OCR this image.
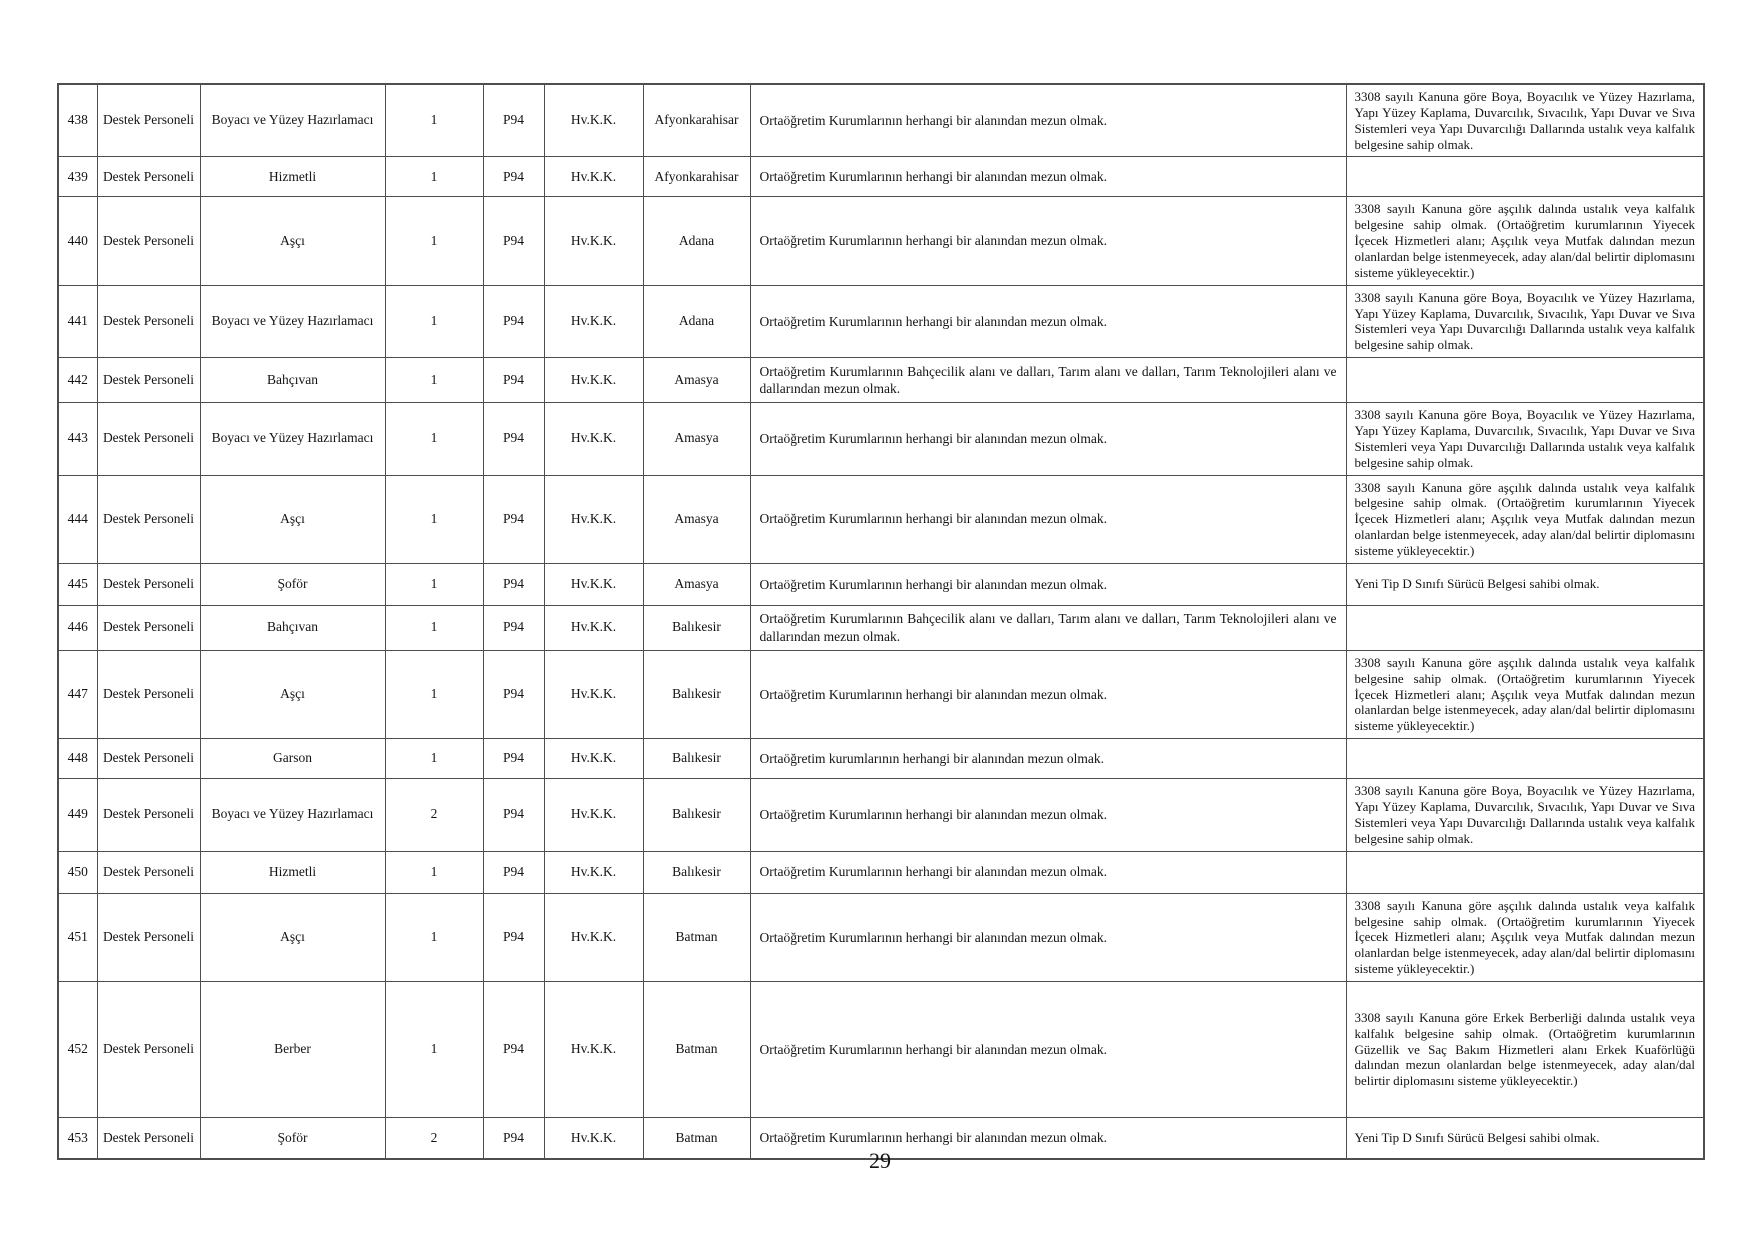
438	Destek Personeli	Boyacı ve Yüzey Hazırlamacı	1	P94	Hv.K.K.	Afyonkarahisar	Ortaöğretim Kurumlarının herhangi bir alanından mezun olmak.	3308 sayılı Kanuna göre Boya, Boyacılık ve Yüzey Hazırlama, Yapı Yüzey Kaplama, Duvarcılık, Sıvacılık, Yapı Duvar ve Sıva Sistemleri veya Yapı Duvarcılığı Dallarında ustalık veya kalfalık belgesine sahip olmak.
439	Destek Personeli	Hizmetli	1	P94	Hv.K.K.	Afyonkarahisar	Ortaöğretim Kurumlarının herhangi bir alanından mezun olmak.	
440	Destek Personeli	Aşçı	1	P94	Hv.K.K.	Adana	Ortaöğretim Kurumlarının herhangi bir alanından mezun olmak.	3308 sayılı Kanuna göre aşçılık dalında ustalık veya kalfalık belgesine sahip olmak. (Ortaöğretim kurumlarının Yiyecek İçecek Hizmetleri alanı; Aşçılık veya Mutfak dalından mezun olanlardan belge istenmeyecek, aday alan/dal belirtir diplomasını sisteme yükleyecektir.)
441	Destek Personeli	Boyacı ve Yüzey Hazırlamacı	1	P94	Hv.K.K.	Adana	Ortaöğretim Kurumlarının herhangi bir alanından mezun olmak.	3308 sayılı Kanuna göre Boya, Boyacılık ve Yüzey Hazırlama, Yapı Yüzey Kaplama, Duvarcılık, Sıvacılık, Yapı Duvar ve Sıva Sistemleri veya Yapı Duvarcılığı Dallarında ustalık veya kalfalık belgesine sahip olmak.
442	Destek Personeli	Bahçıvan	1	P94	Hv.K.K.	Amasya	Ortaöğretim Kurumlarının Bahçecilik alanı ve dalları, Tarım alanı ve dalları, Tarım Teknolojileri alanı ve dallarından mezun olmak.	
443	Destek Personeli	Boyacı ve Yüzey Hazırlamacı	1	P94	Hv.K.K.	Amasya	Ortaöğretim Kurumlarının herhangi bir alanından mezun olmak.	3308 sayılı Kanuna göre Boya, Boyacılık ve Yüzey Hazırlama, Yapı Yüzey Kaplama, Duvarcılık, Sıvacılık, Yapı Duvar ve Sıva Sistemleri veya Yapı Duvarcılığı Dallarında ustalık veya kalfalık belgesine sahip olmak.
444	Destek Personeli	Aşçı	1	P94	Hv.K.K.	Amasya	Ortaöğretim Kurumlarının herhangi bir alanından mezun olmak.	3308 sayılı Kanuna göre aşçılık dalında ustalık veya kalfalık belgesine sahip olmak. (Ortaöğretim kurumlarının Yiyecek İçecek Hizmetleri alanı; Aşçılık veya Mutfak dalından mezun olanlardan belge istenmeyecek, aday alan/dal belirtir diplomasını sisteme yükleyecektir.)
445	Destek Personeli	Şoför	1	P94	Hv.K.K.	Amasya	Ortaöğretim Kurumlarının herhangi bir alanından mezun olmak.	Yeni Tip D Sınıfı Sürücü Belgesi sahibi olmak.
446	Destek Personeli	Bahçıvan	1	P94	Hv.K.K.	Balıkesir	Ortaöğretim Kurumlarının Bahçecilik alanı ve dalları, Tarım alanı ve dalları, Tarım Teknolojileri alanı ve dallarından mezun olmak.	
447	Destek Personeli	Aşçı	1	P94	Hv.K.K.	Balıkesir	Ortaöğretim Kurumlarının herhangi bir alanından mezun olmak.	3308 sayılı Kanuna göre aşçılık dalında ustalık veya kalfalık belgesine sahip olmak. (Ortaöğretim kurumlarının Yiyecek İçecek Hizmetleri alanı; Aşçılık veya Mutfak dalından mezun olanlardan belge istenmeyecek, aday alan/dal belirtir diplomasını sisteme yükleyecektir.)
448	Destek Personeli	Garson	1	P94	Hv.K.K.	Balıkesir	Ortaöğretim kurumlarının herhangi bir alanından mezun olmak.	
449	Destek Personeli	Boyacı ve Yüzey Hazırlamacı	2	P94	Hv.K.K.	Balıkesir	Ortaöğretim Kurumlarının herhangi bir alanından mezun olmak.	3308 sayılı Kanuna göre Boya, Boyacılık ve Yüzey Hazırlama, Yapı Yüzey Kaplama, Duvarcılık, Sıvacılık, Yapı Duvar ve Sıva Sistemleri veya Yapı Duvarcılığı Dallarında ustalık veya kalfalık belgesine sahip olmak.
450	Destek Personeli	Hizmetli	1	P94	Hv.K.K.	Balıkesir	Ortaöğretim Kurumlarının herhangi bir alanından mezun olmak.	
451	Destek Personeli	Aşçı	1	P94	Hv.K.K.	Batman	Ortaöğretim Kurumlarının herhangi bir alanından mezun olmak.	3308 sayılı Kanuna göre aşçılık dalında ustalık veya kalfalık belgesine sahip olmak. (Ortaöğretim kurumlarının Yiyecek İçecek Hizmetleri alanı; Aşçılık veya Mutfak dalından mezun olanlardan belge istenmeyecek, aday alan/dal belirtir diplomasını sisteme yükleyecektir.)
452	Destek Personeli	Berber	1	P94	Hv.K.K.	Batman	Ortaöğretim Kurumlarının herhangi bir alanından mezun olmak.	3308 sayılı Kanuna göre Erkek Berberliği dalında ustalık veya kalfalık belgesine sahip olmak. (Ortaöğretim kurumlarının Güzellik ve Saç Bakım Hizmetleri alanı Erkek Kuaförlüğü dalından mezun olanlardan belge istenmeyecek, aday alan/dal belirtir diplomasını sisteme yükleyecektir.)
453	Destek Personeli	Şoför	2	P94	Hv.K.K.	Batman	Ortaöğretim Kurumlarının herhangi bir alanından mezun olmak.	Yeni Tip D Sınıfı Sürücü Belgesi sahibi olmak.
29
